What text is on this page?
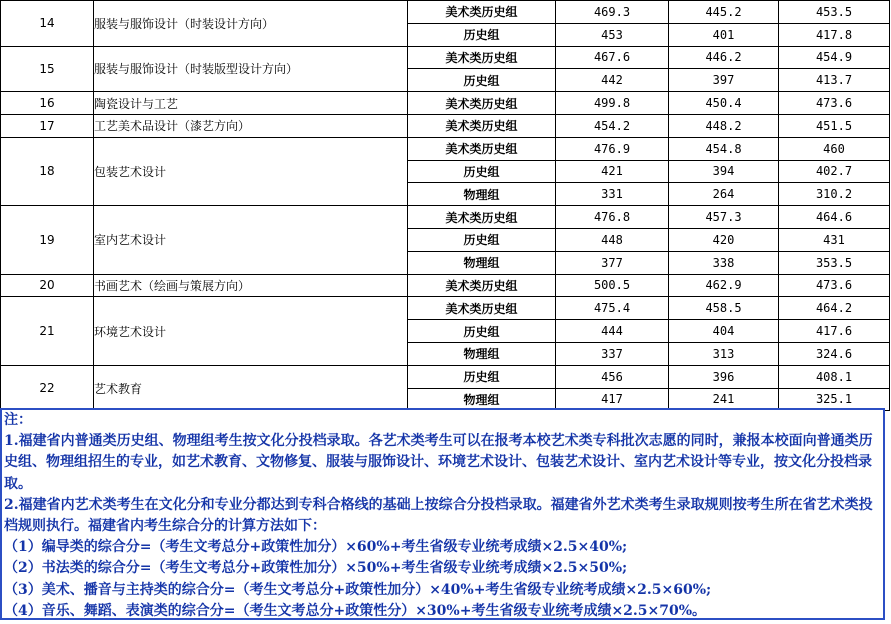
14	服装与服饰设计（时装设计方向）	美术类历史组	469.3	445.2	453.5
		历史组	453	401	417.8
15	服装与服饰设计（时装版型设计方向）	美术类历史组	467.6	446.2	454.9
		历史组	442	397	413.7
16	陶瓷设计与工艺	美术类历史组	499.8	450.4	473.6
17	工艺美术品设计（漆艺方向）	美术类历史组	454.2	448.2	451.5
18	包装艺术设计	美术类历史组	476.9	454.8	460
		历史组	421	394	402.7
		物理组	331	264	310.2
19	室内艺术设计	美术类历史组	476.8	457.3	464.6
		历史组	448	420	431
		物理组	377	338	353.5
20	书画艺术（绘画与策展方向）	美术类历史组	500.5	462.9	473.6
21	环境艺术设计	美术类历史组	475.4	458.5	464.2
		历史组	444	404	417.6
		物理组	337	313	324.6
22	艺术教育	历史组	456	396	408.1
		物理组	417	241	325.1

注：

1.福建省内普通类历史组、物理组考生按文化分投档录取。各艺术类考生可以在报考本校艺术类专科批次志愿的同时，兼报本校面向普通类历史组、物理组招生的专业，如艺术教育、文物修复、服装与服饰设计、环境艺术设计、包装艺术设计、室内艺术设计等专业，按文化分投档录取。

2.福建省内艺术类考生在文化分和专业分都达到专科合格线的基础上按综合分投档录取。福建省外艺术类考生录取规则按考生所在省艺术类投档规则执行。福建省内考生综合分的计算方法如下：

（1）编导类的综合分=（考生文考总分+政策性加分）×60%+考生省级专业统考成绩×2.5×40%;

（2）书法类的综合分=（考生文考总分+政策性加分）×50%+考生省级专业统考成绩×2.5×50%;

（3）美术、播音与主持类的综合分=（考生文考总分+政策性加分）×40%+考生省级专业统考成绩×2.5×60%;

（4）音乐、舞蹈、表演类的综合分=（考生文考总分+政策性分）×30%+考生省级专业统考成绩×2.5×70%。
